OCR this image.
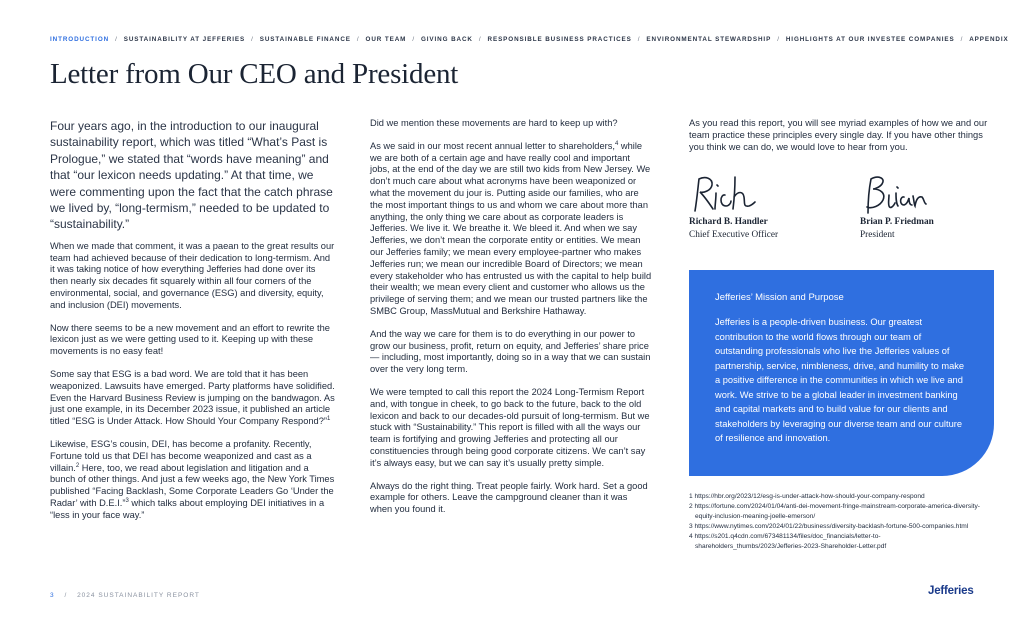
INTRODUCTION / SUSTAINABILITY AT JEFFERIES / SUSTAINABLE FINANCE / OUR TEAM / GIVING BACK / RESPONSIBLE BUSINESS PRACTICES / ENVIRONMENTAL STEWARDSHIP / HIGHLIGHTS AT OUR INVESTEE COMPANIES / APPENDIX
Letter from Our CEO and President

Four years ago, in the introduction to our inaugural sustainability report, which was titled “What’s Past is Prologue,” we stated that “words have meaning” and that “our lexicon needs updating.” At that time, we were commenting upon the fact that the catch phrase we lived by, “long-termism,” needed to be updated to “sustainability.”

When we made that comment, it was a paean to the great results our team had achieved because of their dedication to long-termism. And it was taking notice of how everything Jefferies had done over its then nearly six decades fit squarely within all four corners of the environmental, social, and governance (ESG) and diversity, equity, and inclusion (DEI) movements.

Now there seems to be a new movement and an effort to rewrite the lexicon just as we were getting used to it. Keeping up with these movements is no easy feat!

Some say that ESG is a bad word. We are told that it has been weaponized. Lawsuits have emerged. Party platforms have solidified. Even the Harvard Business Review is jumping on the bandwagon. As just one example, in its December 2023 issue, it published an article titled “ESG is Under Attack. How Should Your Company Respond?”$^1$

Likewise, ESG’s cousin, DEI, has become a profanity. Recently, Fortune told us that DEI has become weaponized and cast as a villain.$^2$ Here, too, we read about legislation and litigation and a bunch of other things. And just a few weeks ago, the New York Times published “Facing Backlash, Some Corporate Leaders Go ‘Under the Radar’ with D.E.I.”$^3$ which talks about employing DEI initiatives in a “less in your face way.”

Did we mention these movements are hard to keep up with?

As we said in our most recent annual letter to shareholders,$^4$ while we are both of a certain age and have really cool and important jobs, at the end of the day we are still two kids from New Jersey. We don’t much care about what acronyms have been weaponized or what the movement du jour is. Putting aside our families, who are the most important things to us and whom we care about more than anything, the only thing we care about as corporate leaders is Jefferies. We live it. We breathe it. We bleed it. And when we say Jefferies, we don’t mean the corporate entity or entities. We mean our Jefferies family; we mean every employee-partner who makes Jefferies run; we mean our incredible Board of Directors; we mean every stakeholder who has entrusted us with the capital to help build their wealth; we mean every client and customer who allows us the privilege of serving them; and we mean our trusted partners like the SMBC Group, MassMutual and Berkshire Hathaway.

And the way we care for them is to do everything in our power to grow our business, profit, return on equity, and Jefferies’ share price — including, most importantly, doing so in a way that we can sustain over the very long term.

We were tempted to call this report the 2024 Long-Termism Report and, with tongue in cheek, to go back to the future, back to the old lexicon and back to our decades-old pursuit of long-termism. But we stuck with “Sustainability.” This report is filled with all the ways our team is fortifying and growing Jefferies and protecting all our constituencies through being good corporate citizens. We can’t say it’s always easy, but we can say it’s usually pretty simple.

Always do the right thing. Treat people fairly. Work hard. Set a good example for others. Leave the campground cleaner than it was when you found it.

As you read this report, you will see myriad examples of how we and our team practice these principles every single day. If you have other things you think we can do, we would love to hear from you.

Richard B. Handler
Chief Executive Officer
Brian P. Friedman
President
Jefferies’ Mission and Purpose

Jefferies is a people-driven business. Our greatest contribution to the world flows through our team of outstanding professionals who live the Jefferies values of partnership, service, nimbleness, drive, and humility to make a positive difference in the communities in which we live and work. We strive to be a global leader in investment banking and capital markets and to build value for our clients and stakeholders by leveraging our diverse team and our culture of resilience and innovation.

1 https://hbr.org/2023/12/esg-is-under-attack-how-should-your-company-respond
2 https://fortune.com/2024/01/04/anti-dei-movement-fringe-mainstream-corporate-america-diversity-equity-inclusion-meaning-joelle-emerson/
3 https://www.nytimes.com/2024/01/22/business/diversity-backlash-fortune-500-companies.html
4 https://s201.q4cdn.com/673481134/files/doc_financials/letter-to-shareholders_thumbs/2023/Jefferies-2023-Shareholder-Letter.pdf
3 / 2024 SUSTAINABILITY REPORT	Jefferies
